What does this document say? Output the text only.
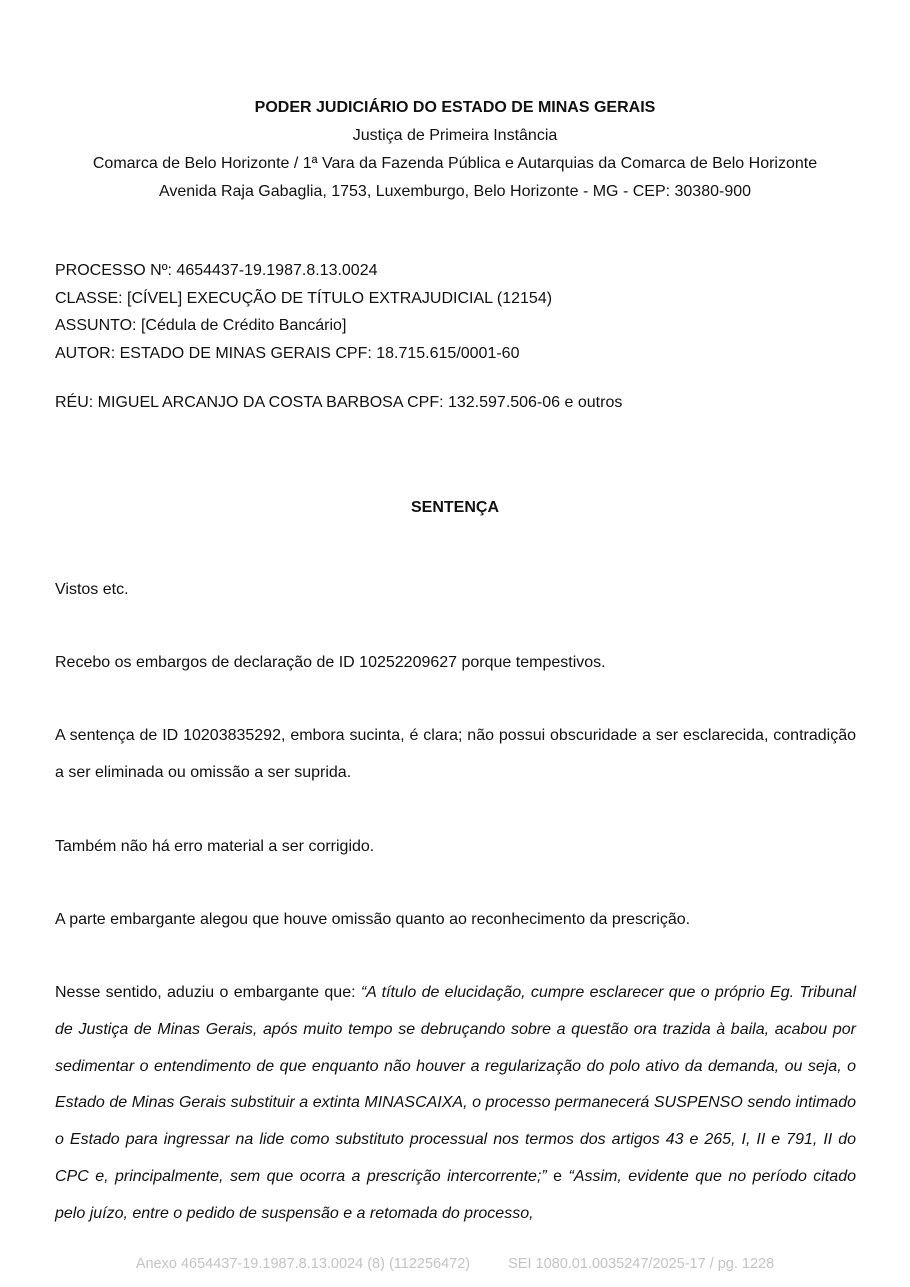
PODER JUDICIÁRIO DO ESTADO DE MINAS GERAIS
Justiça de Primeira Instância
Comarca de Belo Horizonte / 1ª Vara da Fazenda Pública e Autarquias da Comarca de Belo Horizonte
Avenida Raja Gabaglia, 1753, Luxemburgo, Belo Horizonte - MG - CEP: 30380-900
PROCESSO Nº: 4654437-19.1987.8.13.0024
CLASSE: [CÍVEL] EXECUÇÃO DE TÍTULO EXTRAJUDICIAL (12154)
ASSUNTO: [Cédula de Crédito Bancário]
AUTOR: ESTADO DE MINAS GERAIS CPF: 18.715.615/0001-60
RÉU: MIGUEL ARCANJO DA COSTA BARBOSA CPF: 132.597.506-06 e outros
SENTENÇA

Vistos etc.

Recebo os embargos de declaração de ID 10252209627 porque tempestivos.

A sentença de ID 10203835292, embora sucinta, é clara; não possui obscuridade a ser esclarecida, contradição a ser eliminada ou omissão a ser suprida.

Também não há erro material a ser corrigido.

A parte embargante alegou que houve omissão quanto ao reconhecimento da prescrição.

Nesse sentido, aduziu o embargante que: “A título de elucidação, cumpre esclarecer que o próprio Eg. Tribunal de Justiça de Minas Gerais, após muito tempo se debruçando sobre a questão ora trazida à baila, acabou por sedimentar o entendimento de que enquanto não houver a regularização do polo ativo da demanda, ou seja, o Estado de Minas Gerais substituir a extinta MINASCAIXA, o processo permanecerá SUSPENSO sendo intimado o Estado para ingressar na lide como substituto processual nos termos dos artigos 43 e 265, I, II e 791, II do CPC e, principalmente, sem que ocorra a prescrição intercorrente;” e “Assim, evidente que no período citado pelo juízo, entre o pedido de suspensão e a retomada do processo,

Anexo 4654437-19.1987.8.13.0024 (8) (112256472)	SEI 1080.01.0035247/2025-17 / pg. 1228
